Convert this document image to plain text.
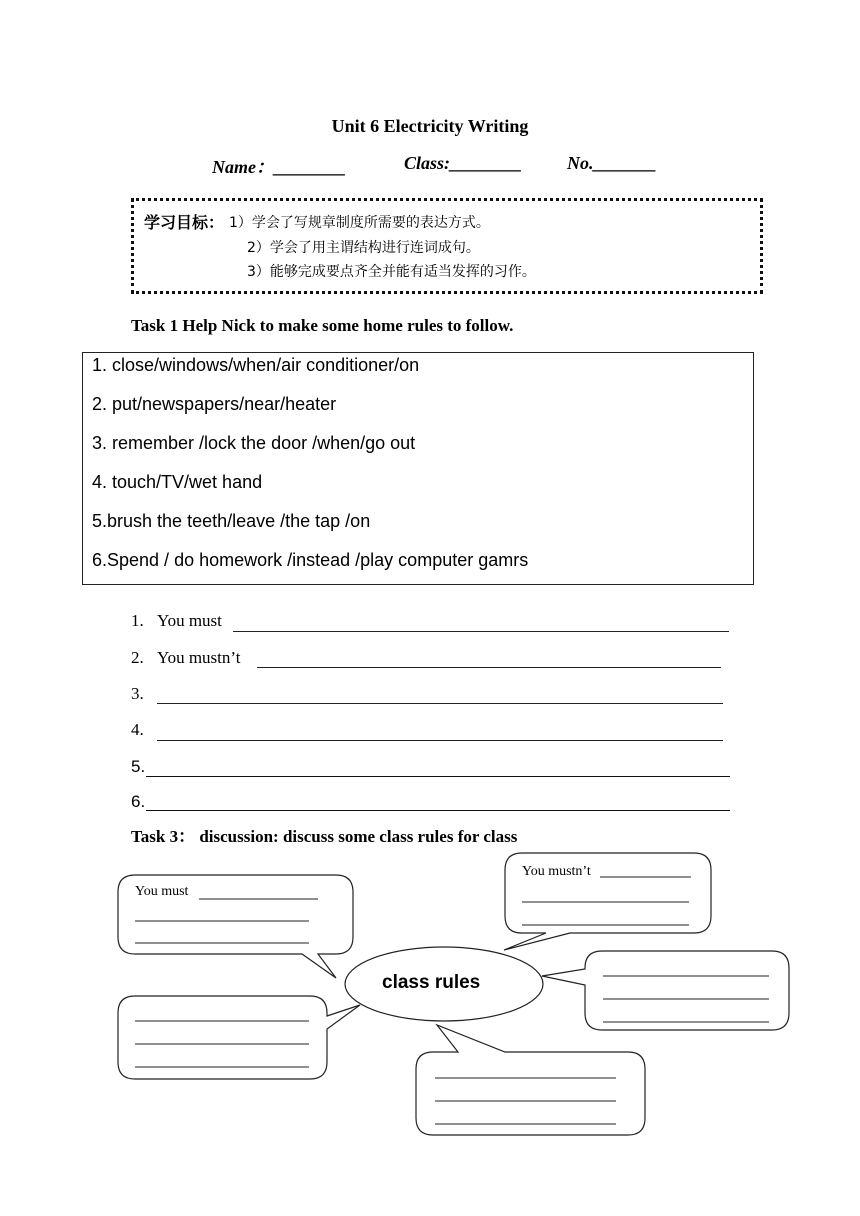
Unit 6 Electricity Writing
Name：________	Class:________ No._______
学习目标： 1）学会了写规章制度所需要的表达方式。
2）学会了用主谓结构进行连词成句。
3）能够完成要点齐全并能有适当发挥的习作。
Task 1 Help Nick to make some home rules to follow.
1. close/windows/when/air conditioner/on
2. put/newspapers/near/heater
3. remember /lock the door /when/go out
4. touch/TV/wet hand
5.brush the teeth/leave /the tap /on
6.Spend / do homework /instead /play computer gamrs
1. You must
2. You mustn’t
3.
4.
5.
6.
Task 3： discussion: discuss some class rules for class
You must
You mustn’t
class rules
